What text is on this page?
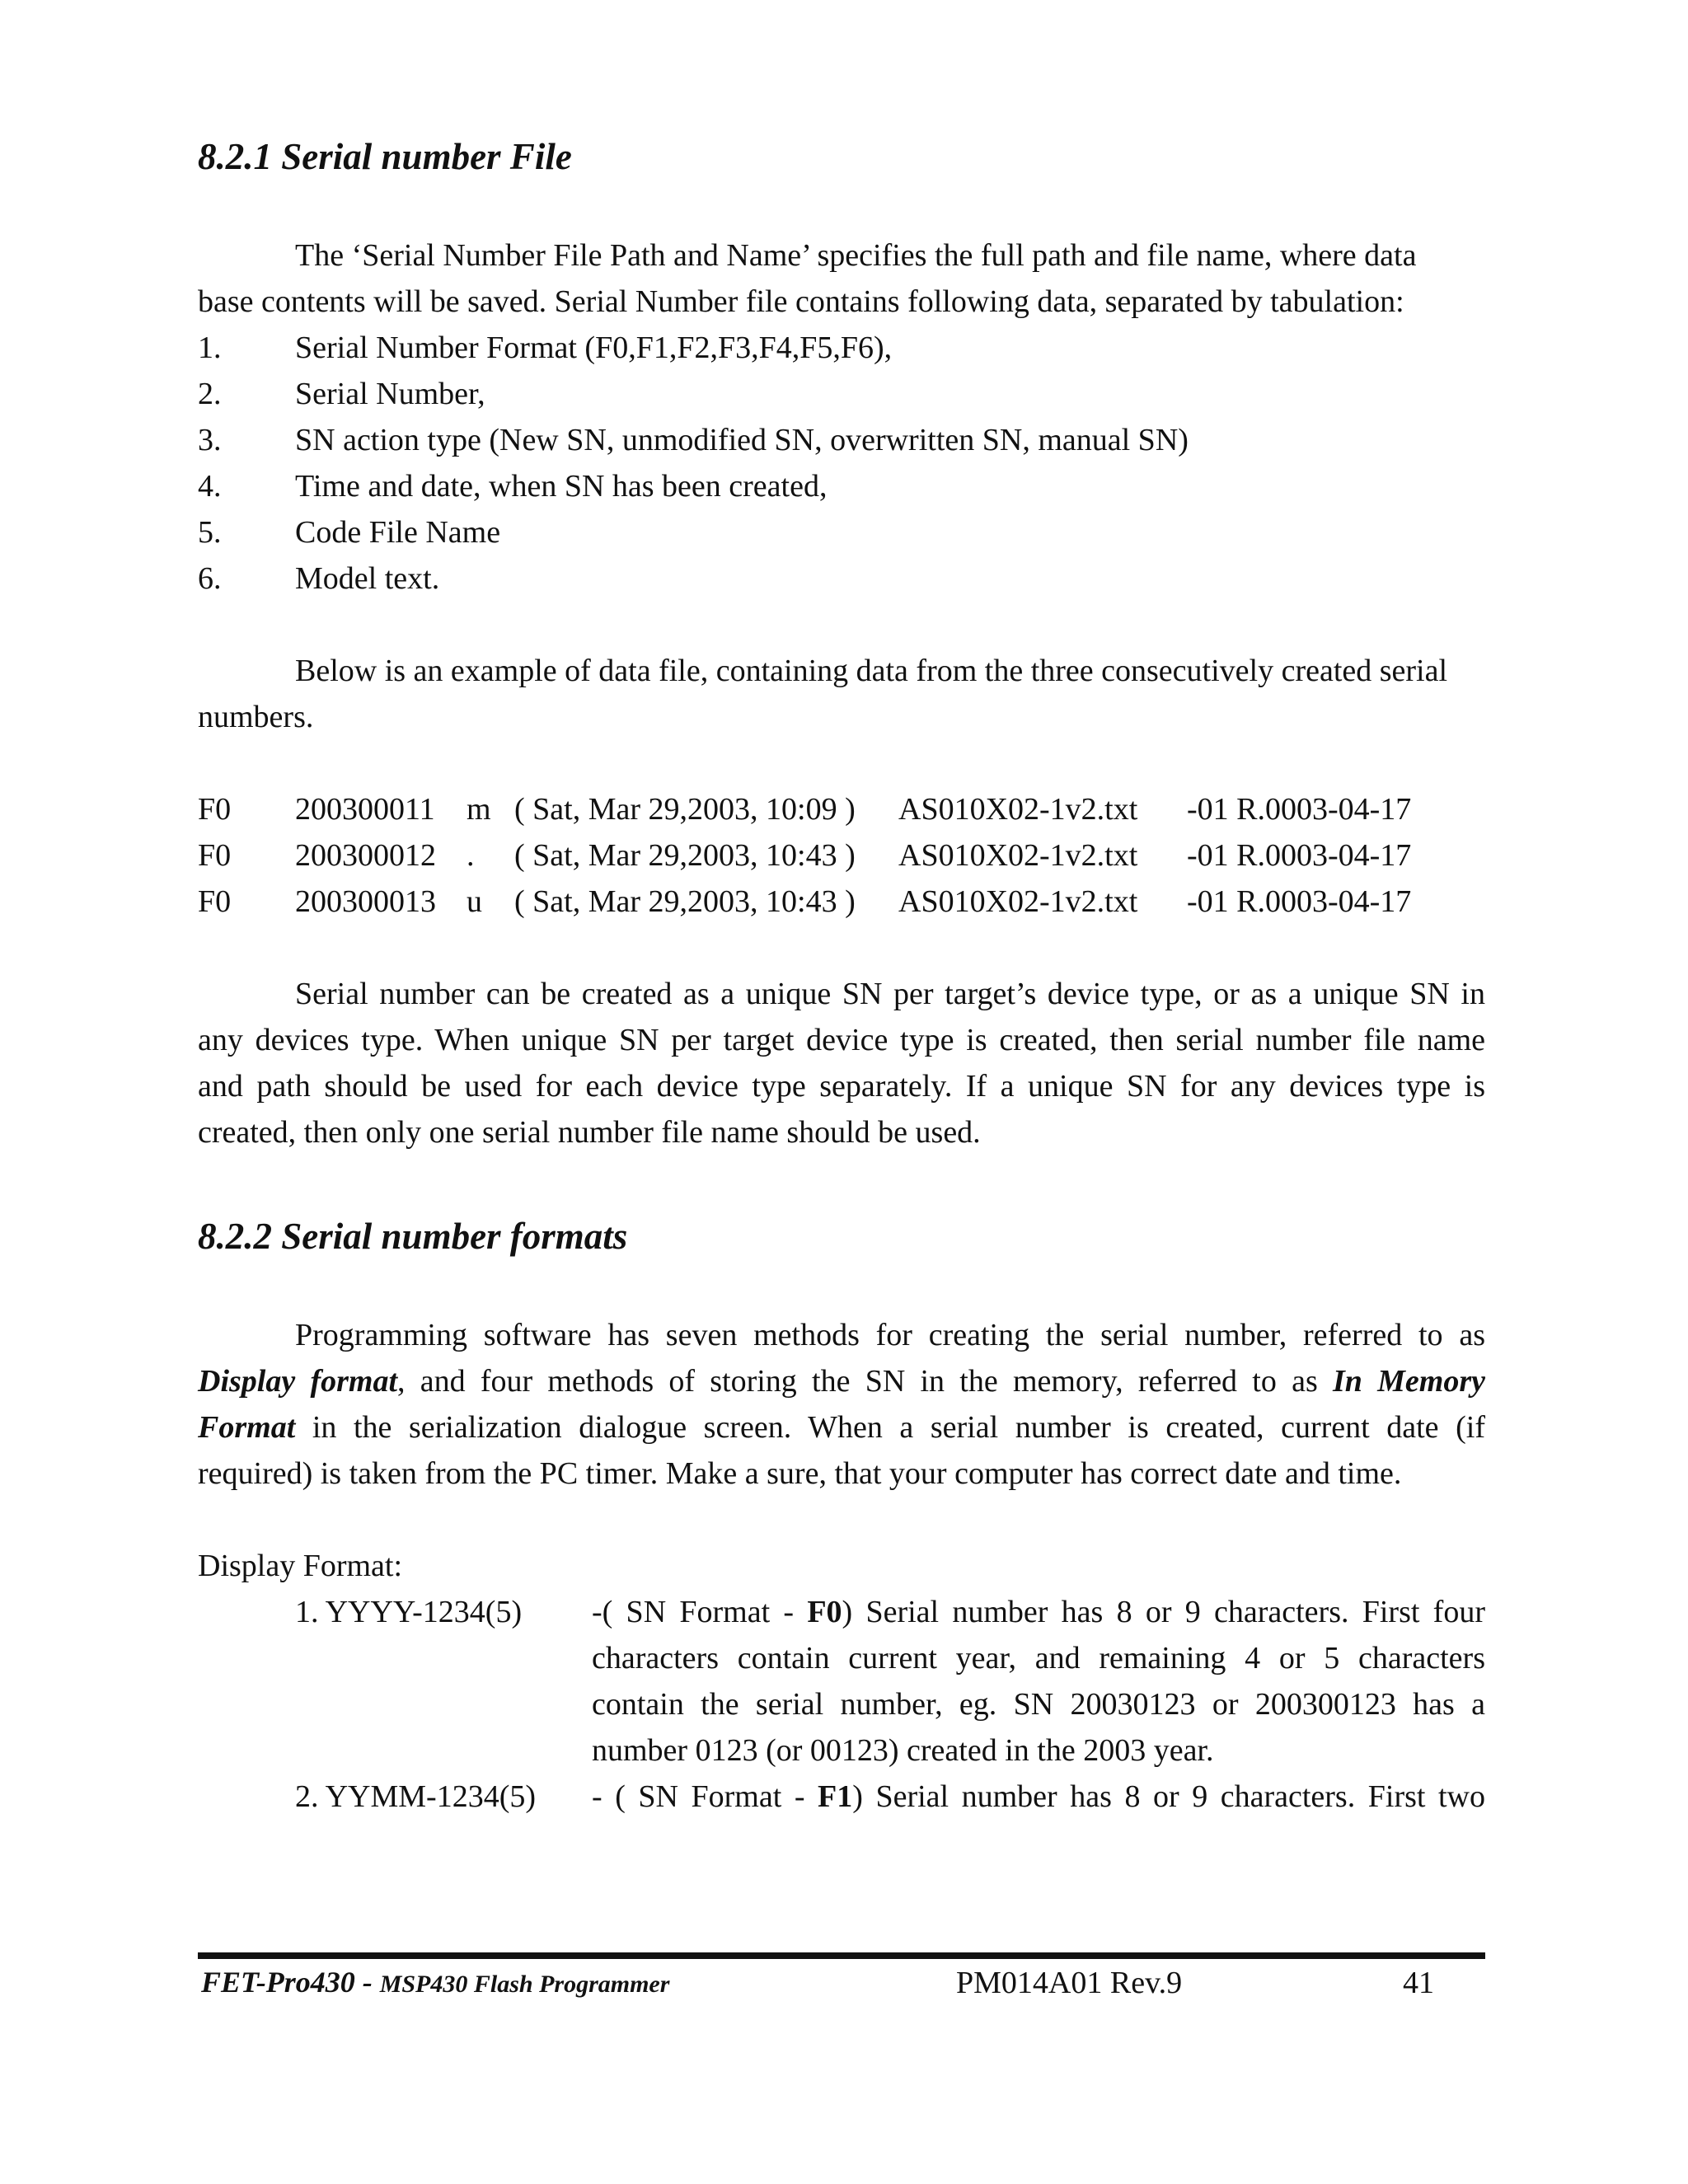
8.2.1 Serial number File
The ‘Serial Number File Path and Name’ specifies the full path and file name, where data
base contents will be saved. Serial Number file contains following data, separated by tabulation:
1. Serial Number Format (F0,F1,F2,F3,F4,F5,F6),
2. Serial Number,
3. SN action type (New SN, unmodified SN, overwritten SN, manual SN)
4. Time and date, when SN has been created,
5. Code File Name
6. Model text.
Below is an example of data file, containing data from the three consecutively created serial
numbers.
F0 200300011 m ( Sat, Mar 29,2003, 10:09 ) AS010X02-1v2.txt -01 R.0003-04-17
F0 200300012 . ( Sat, Mar 29,2003, 10:43 ) AS010X02-1v2.txt -01 R.0003-04-17
F0 200300013 u ( Sat, Mar 29,2003, 10:43 ) AS010X02-1v2.txt -01 R.0003-04-17
Serial number can be created as a unique SN per target’s device type, or as a unique SN in
any devices type. When unique SN per target device type is created, then serial number file name
and path should be used for each device type separately. If a unique SN for any devices type is
created, then only one serial number file name should be used.
8.2.2 Serial number formats
Programming software has seven methods for creating the serial number, referred to as
Display format, and four methods of storing the SN in the memory, referred to as In Memory
Format in the serialization dialogue screen. When a serial number is created, current date (if
required) is taken from the PC timer. Make a sure, that your computer has correct date and time.
Display Format:
1. YYYY-1234(5) -( SN Format - F0) Serial number has 8 or 9 characters. First four
characters contain current year, and remaining 4 or 5 characters
contain the serial number, eg. SN 20030123 or 200300123 has a
number 0123 (or 00123) created in the 2003 year.
2. YYMM-1234(5) - ( SN Format - F1) Serial number has 8 or 9 characters. First two
FET-Pro430 - MSP430 Flash Programmer	PM014A01 Rev.9	41
